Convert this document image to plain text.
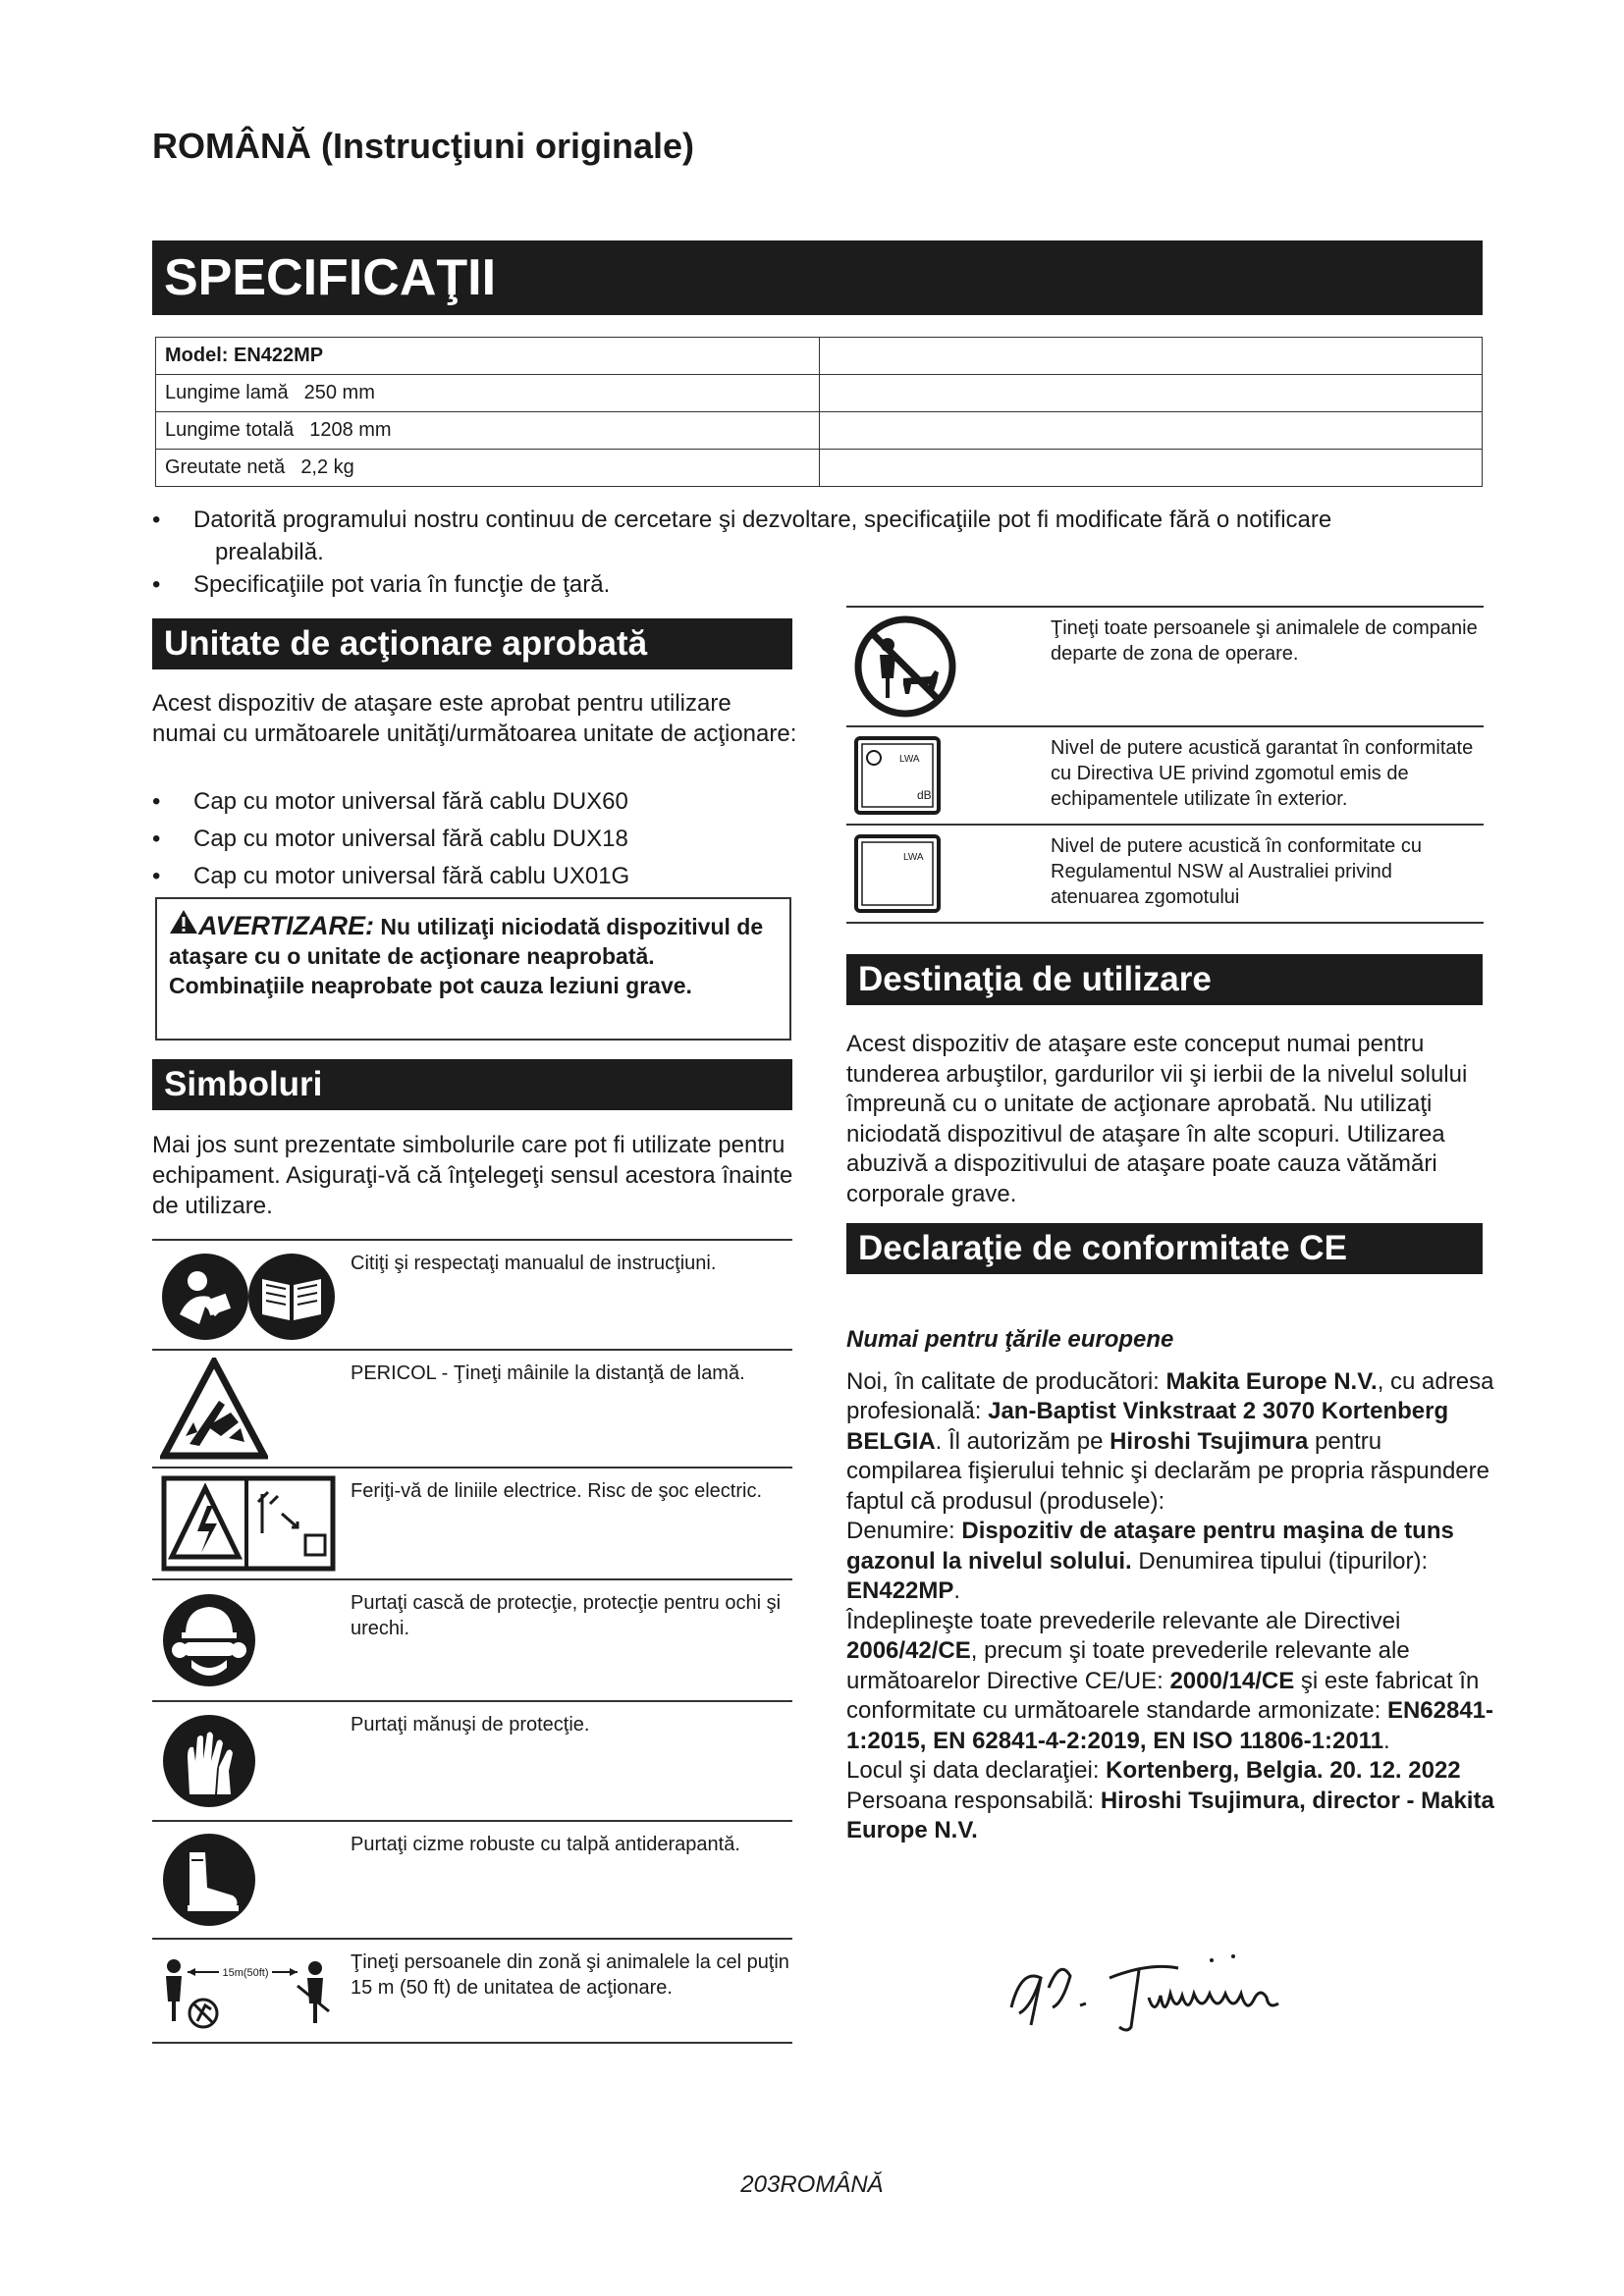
ROMÂNĂ (Instrucţiuni originale)
SPECIFICAŢII
Model: EN422MP	
Lungime lamă 250 mm	
Lungime totală 1208 mm	
Greutate netă 2,2 kg	
• Datorită programului nostru continuu de cercetare şi dezvoltare, specificaţiile pot fi modificate fără o notificare
prealabilă.
• Specificaţiile pot varia în funcţie de ţară.
Unitate de acţionare aprobată
Acest dispozitiv de ataşare este aprobat pentru utilizare numai cu următoarele unităţi/următoarea unitate de acţionare:
• Cap cu motor universal fără cablu DUX60
• Cap cu motor universal fără cablu DUX18
• Cap cu motor universal fără cablu UX01G
AVERTIZARE: Nu utilizaţi niciodată dispozitivul de ataşare cu o unitate de acţionare neaprobată. Combinaţiile neaprobate pot cauza leziuni grave.
Simboluri
Mai jos sunt prezentate simbolurile care pot fi utilizate pentru echipament. Asiguraţi-vă că înţelegeţi sensul acestora înainte de utilizare.
Citiţi şi respectaţi manualul de instrucţiuni.
PERICOL - Ţineţi mâinile la distanţă de lamă.
Feriţi-vă de liniile electrice. Risc de şoc electric.
Purtaţi cască de protecţie, protecţie pentru ochi şi urechi.
Purtaţi mănuşi de protecţie.
Purtaţi cizme robuste cu talpă antiderapantă.
15m(50ft)	Ţineţi persoanele din zonă şi animalele la cel puţin 15 m (50 ft) de unitatea de acţionare.
Ţineţi toate persoanele şi animalele de companie departe de zona de operare.
LWA
dB
Nivel de putere acustică garantat în conformitate cu Directiva UE privind zgomotul emis de echipamentele utilizate în exterior.
LWA
Nivel de putere acustică în conformitate cu Regulamentul NSW al Australiei privind atenuarea zgomotului
Destinaţia de utilizare
Acest dispozitiv de ataşare este conceput numai pentru tunderea arbuştilor, gardurilor vii şi ierbii de la nivelul solului împreună cu o unitate de acţionare aprobată. Nu utilizaţi niciodată dispozitivul de ataşare în alte scopuri. Utilizarea abuzivă a dispozitivului de ataşare poate cauza vătămări corporale grave.
Declaraţie de conformitate CE
Numai pentru ţările europene
Noi, în calitate de producători: Makita Europe N.V., cu adresa profesională: Jan-Baptist Vinkstraat 2 3070 Kortenberg BELGIA. Îl autorizăm pe Hiroshi Tsujimura pentru compilarea fişierului tehnic şi declarăm pe propria răspundere faptul că produsul (produsele):
Denumire: Dispozitiv de ataşare pentru maşina de tuns gazonul la nivelul solului. Denumirea tipului (tipurilor): EN422MP.
Îndeplineşte toate prevederile relevante ale Directivei 2006/42/CE, precum şi toate prevederile relevante ale următoarelor Directive CE/UE: 2000/14/CE şi este fabricat în conformitate cu următoarele standarde armonizate: EN62841-1:2015, EN 62841-4-2:2019, EN ISO 11806-1:2011.
Locul şi data declaraţiei: Kortenberg, Belgia. 20. 12. 2022
Persoana responsabilă: Hiroshi Tsujimura, director - Makita Europe N.V.
203ROMÂNĂ
